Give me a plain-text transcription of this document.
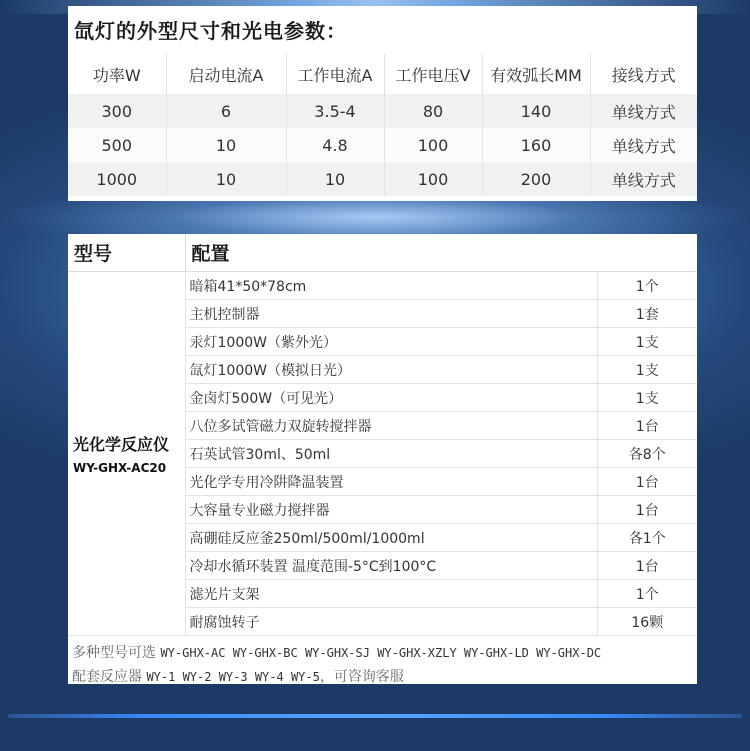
氙灯的外型尺寸和光电参数：
功率W	启动电流A	工作电流A	工作电压V	有效弧长MM	接线方式
300	6	3.5-4	80	140	单线方式
500	10	4.8	100	160	单线方式
1000	10	10	100	200	单线方式
型号	配置	

光化学反应仪
WY-GHX-AC20	暗箱41*50*78cm	1个
	主机控制器	1套
	汞灯1000W（紫外光）	1支
	氙灯1000W（模拟日光）	1支
	金卤灯500W（可见光）	1支
	八位多试管磁力双旋转搅拌器	1台
	石英试管30ml、50ml	各8个
	光化学专用冷阱降温装置	1台
	大容量专业磁力搅拌器	1台
	高硼硅反应釜250ml/500ml/1000ml	各1个
	冷却水循环装置 温度范围-5°C到100°C	1台
	滤光片支架	1个
	耐腐蚀转子	16颗
多种型号可选 WY-GHX-AC WY-GHX-BC WY-GHX-SJ WY-GHX-XZLY WY-GHX-LD WY-GHX-DC
配套反应器 WY-1 WY-2 WY-3 WY-4 WY-5，可咨询客服
